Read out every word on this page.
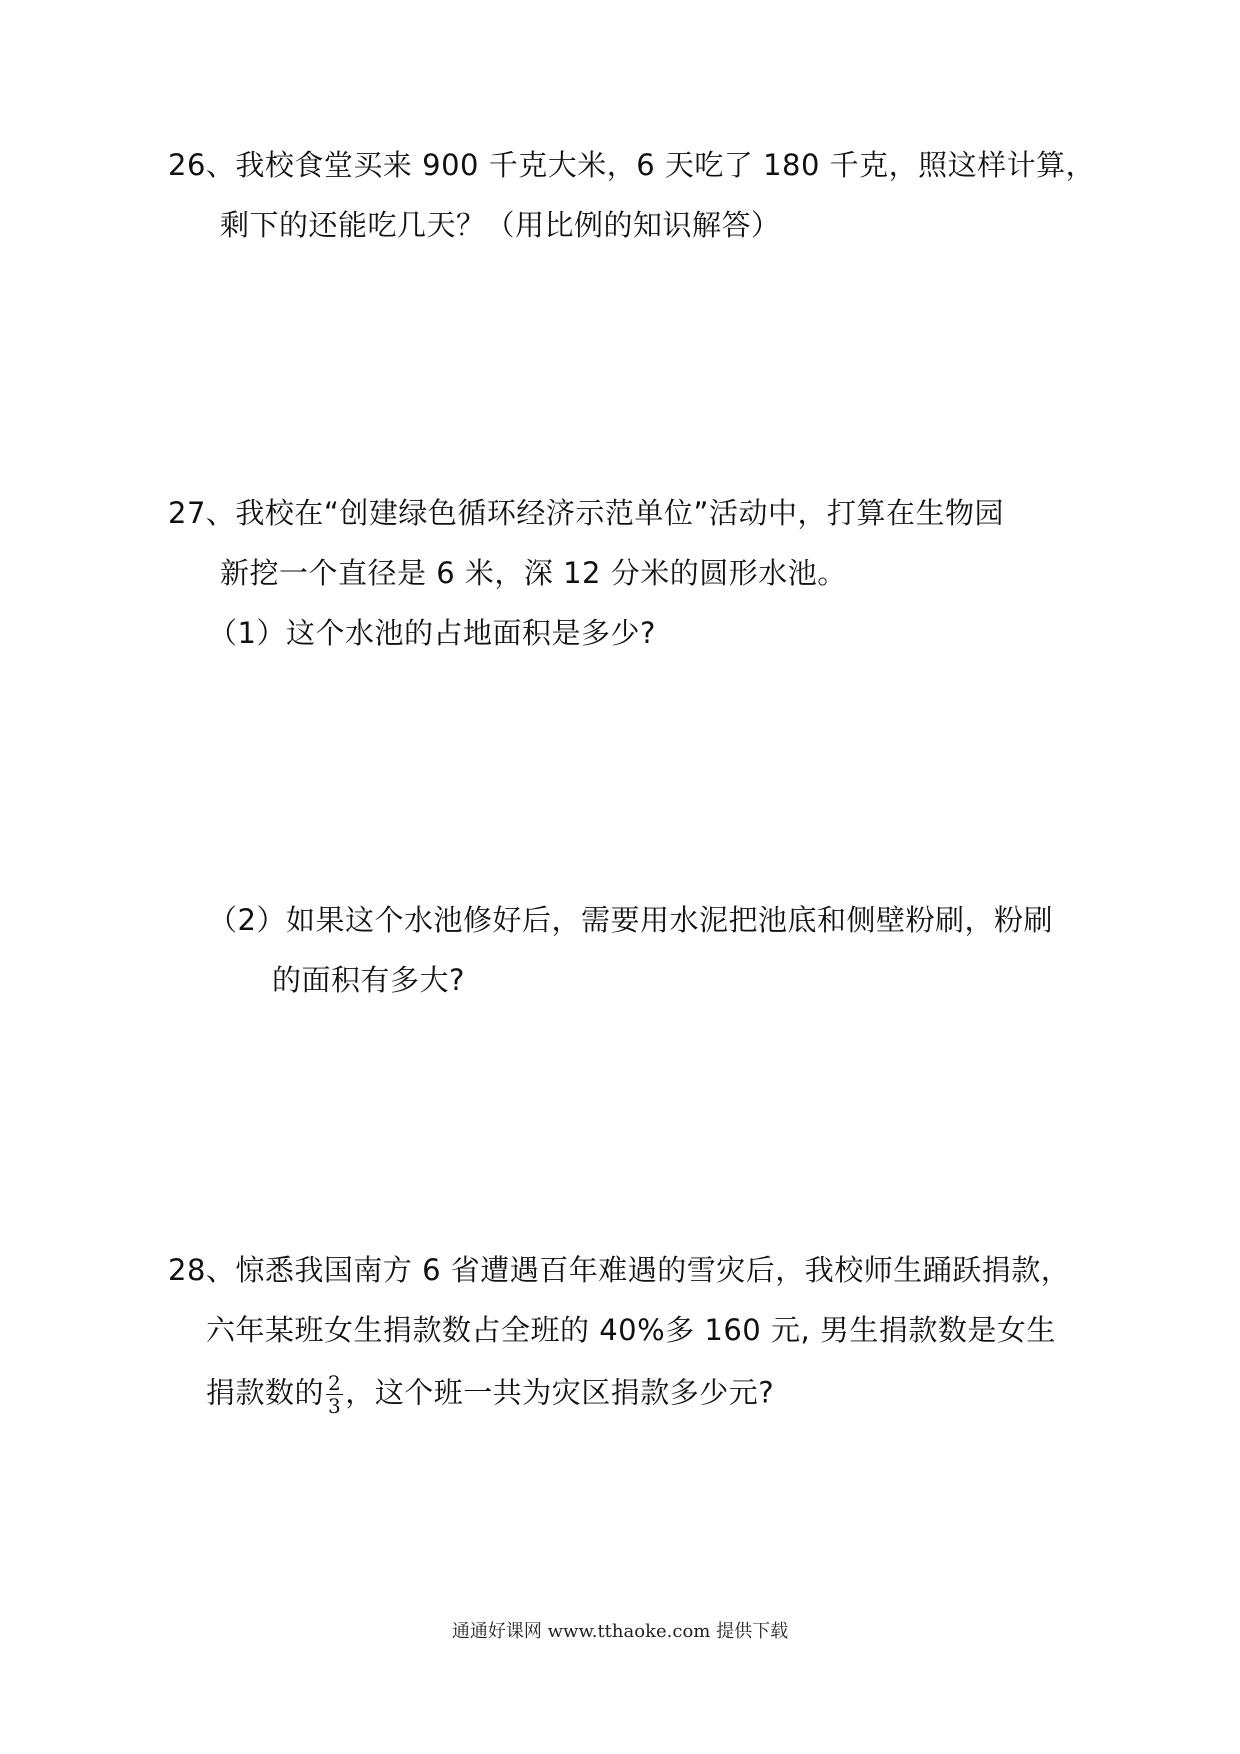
26、我校食堂买来 900 千克大米，6 天吃了 180 千克，照这样计算，
剩下的还能吃几天？（用比例的知识解答）
27、我校在“创建绿色循环经济示范单位”活动中，打算在生物园
新挖一个直径是 6 米，深 12 分米的圆形水池。
（1）这个水池的占地面积是多少?
（2）如果这个水池修好后，需要用水泥把池底和侧壁粉刷，粉刷
的面积有多大?
28、惊悉我国南方 6 省遭遇百年难遇的雪灾后，我校师生踊跃捐款，
六年某班女生捐款数占全班的 40%多 160 元, 男生捐款数是女生
捐款数的 $\frac{2}{3}$ ，这个班一共为灾区捐款多少元?
通通好课网 www.tthaoke.com 提供下载
